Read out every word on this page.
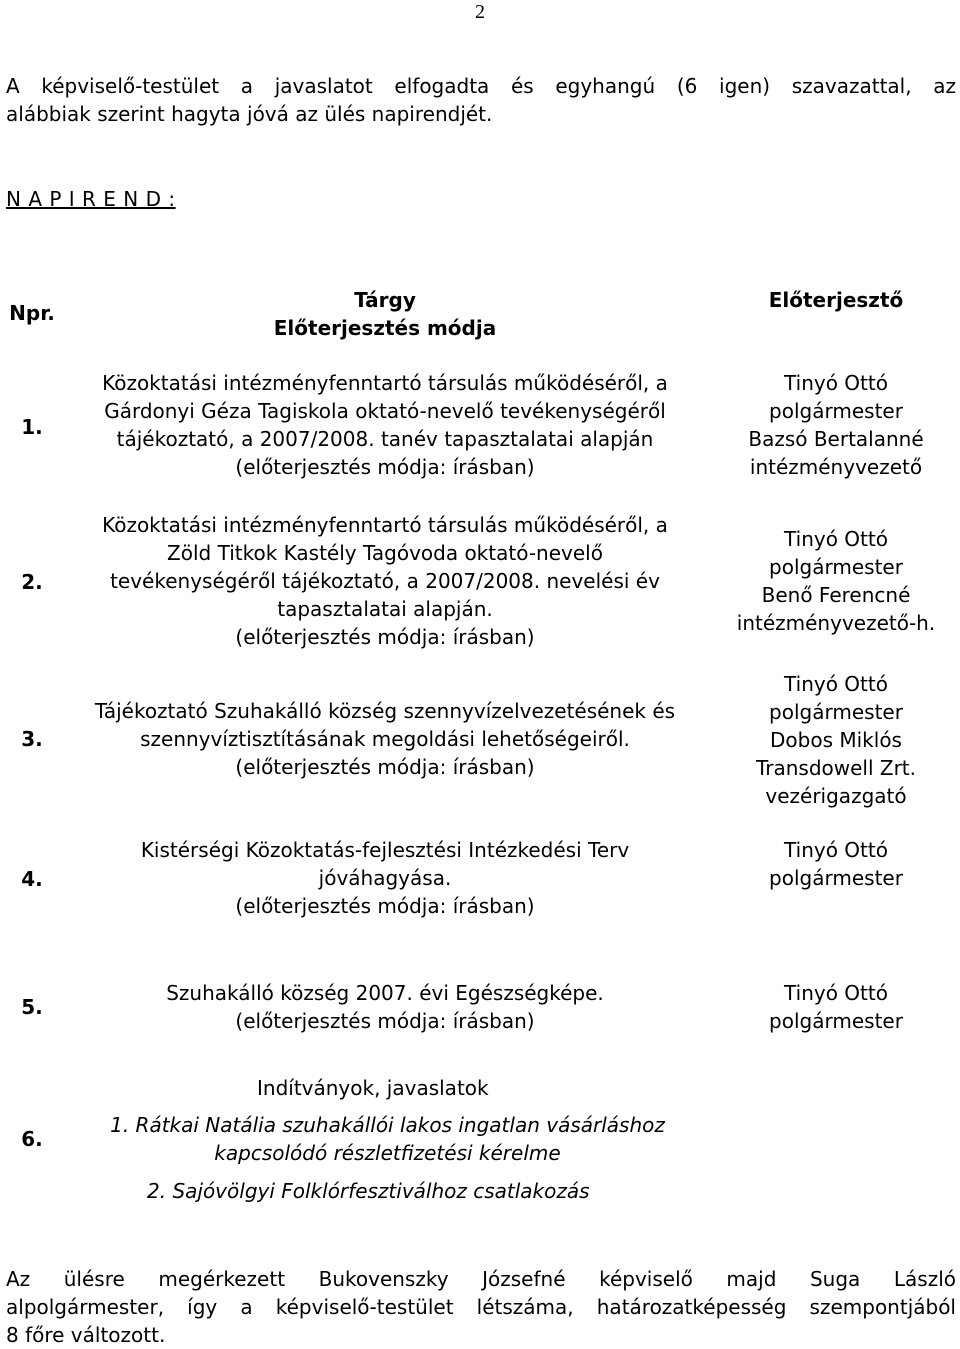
2
A képviselő-testület a javaslatot elfogadta és egyhangú (6 igen) szavazattal, az
alábbiak szerint hagyta jóvá az ülés napirendjét.
N A P I R E N D :
Npr.
Tárgy
Előterjesztés módja
Előterjesztő
1.
Közoktatási intézményfenntartó társulás működéséről, a
Gárdonyi Géza Tagiskola oktató-nevelő tevékenységéről
tájékoztató, a 2007/2008. tanév tapasztalatai alapján
(előterjesztés módja: írásban)
Tinyó Ottó
polgármester
Bazsó Bertalanné
intézményvezető
2.
Közoktatási intézményfenntartó társulás működéséről, a
Zöld Titkok Kastély Tagóvoda oktató-nevelő
tevékenységéről tájékoztató, a 2007/2008. nevelési év
tapasztalatai alapján.
(előterjesztés módja: írásban)
Tinyó Ottó
polgármester
Benő Ferencné
intézményvezető-h.
3.
Tájékoztató Szuhakálló község szennyvízelvezetésének és
szennyvíztisztításának megoldási lehetőségeiről.
(előterjesztés módja: írásban)
Tinyó Ottó
polgármester
Dobos Miklós
Transdowell Zrt.
vezérigazgató
4.
Kistérségi Közoktatás-fejlesztési Intézkedési Terv
jóváhagyása.
(előterjesztés módja: írásban)
Tinyó Ottó
polgármester
5.
Szuhakálló község 2007. évi Egészségképe.
(előterjesztés módja: írásban)
Tinyó Ottó
polgármester
6.
Indítványok, javaslatok
1. Rátkai Natália szuhakállói lakos ingatlan vásárláshoz
kapcsolódó részletfizetési kérelme
2. Sajóvölgyi Folklórfesztiválhoz csatlakozás
Az ülésre megérkezett Bukovenszky Józsefné képviselő majd Suga László
alpolgármester, így a képviselő-testület létszáma, határozatképesség szempontjából
8 főre változott.
